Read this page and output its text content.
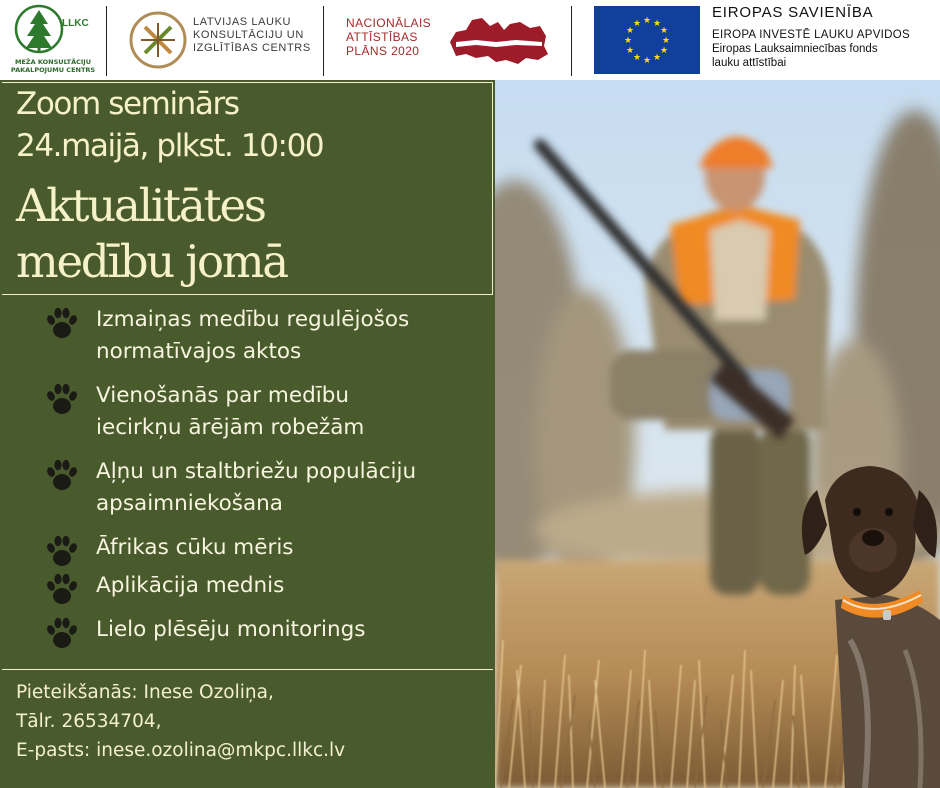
LLKC
MEŽA KONSULTĀCIJU PAKALPOJUMU CENTRS
LATVIJAS LAUKU
KONSULTĀCIJU UN
IZGLĪTĪBAS CENTRS
NACIONĀLAIS
ATTĪSTĪBAS
PLĀNS 2020
★ ★
★
★
★
★
★
★
★
★
★
★
EIROPAS SAVIENĪBA
EIROPA INVESTĒ LAUKU APVIDOS
Eiropas Lauksaimniecības fonds
lauku attīstībai
Zoom seminārs
24.maijā, plkst. 10:00
Aktualitātes
medību jomā
Izmaiņas medību regulējošos
normatīvajos aktos
Vienošanās par medību
iecirkņu ārējām robežām
Aļņu un staltbriežu populāciju
apsaimniekošana
Āfrikas cūku mēris
Aplikācija mednis
Lielo plēsēju monitorings
Pieteikšanās: Inese Ozoliņa,
Tālr. 26534704,
E-pasts: inese.ozolina@mkpc.llkc.lv
